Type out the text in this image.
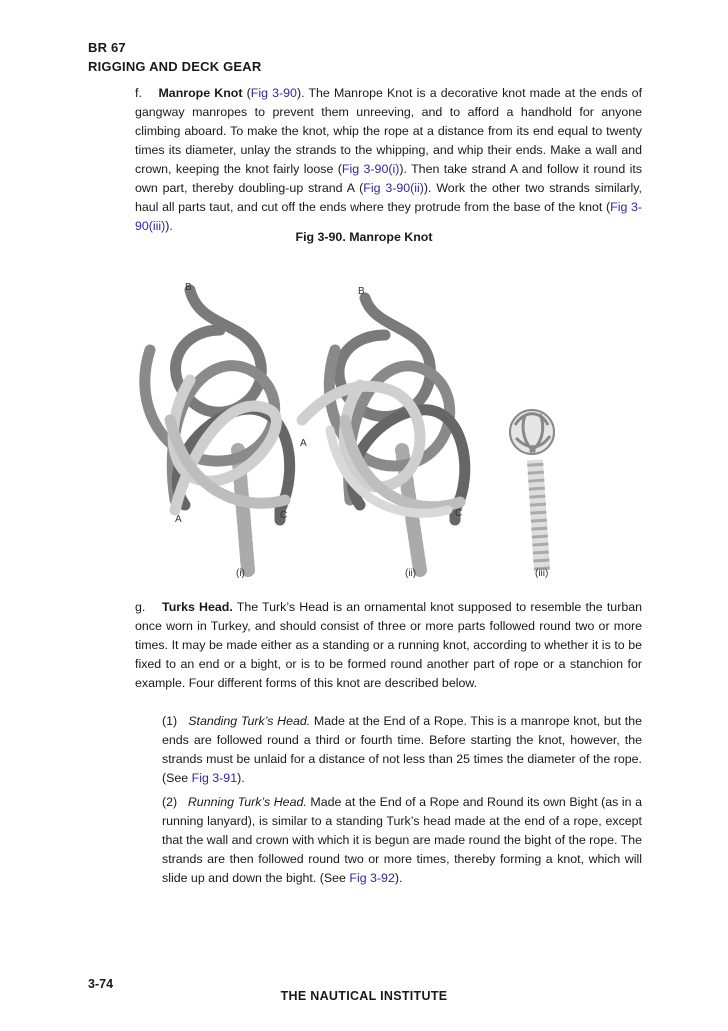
BR 67
RIGGING AND DECK GEAR
f. Manrope Knot (Fig 3-90). The Manrope Knot is a decorative knot made at the ends of gangway manropes to prevent them unreeving, and to afford a handhold for anyone climbing aboard. To make the knot, whip the rope at a distance from its end equal to twenty times its diameter, unlay the strands to the whipping, and whip their ends. Make a wall and crown, keeping the knot fairly loose (Fig 3-90(i)). Then take strand A and follow it round its own part, thereby doubling-up strand A (Fig 3-90(ii)). Work the other two strands similarly, haul all parts taut, and cut off the ends where they protrude from the base of the knot (Fig 3-90(iii)).
Fig 3-90. Manrope Knot
B
A	C
B
A
C
(i)	(ii)	(iii)
g. Turks Head. The Turk’s Head is an ornamental knot supposed to resemble the turban once worn in Turkey, and should consist of three or more parts followed round two or more times. It may be made either as a standing or a running knot, according to whether it is to be fixed to an end or a bight, or is to be formed round another part of rope or a stanchion for example. Four different forms of this knot are described below.
(1) Standing Turk’s Head. Made at the End of a Rope. This is a manrope knot, but the ends are followed round a third or fourth time. Before starting the knot, however, the strands must be unlaid for a distance of not less than 25 times the diameter of the rope. (See Fig 3-91).
(2) Running Turk’s Head. Made at the End of a Rope and Round its own Bight (as in a running lanyard), is similar to a standing Turk’s head made at the end of a rope, except that the wall and crown with which it is begun are made round the bight of the rope. The strands are then followed round two or more times, thereby forming a knot, which will slide up and down the bight. (See Fig 3-92).
3-74
THE NAUTICAL INSTITUTE
